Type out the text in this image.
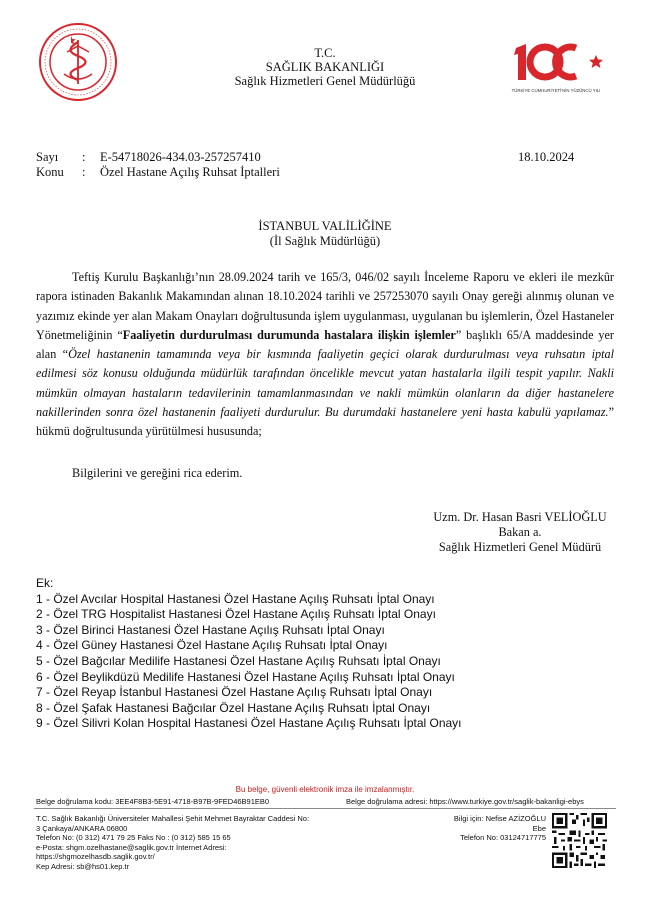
TÜRKİYE CUMHURİYETİ'NİN YÜZÜNCÜ YILI
T.C.
SAĞLIK BAKANLIĞI
Sağlık Hizmetleri Genel Müdürlüğü
Sayı	:	E-54718026-434.03-257257410
Konu	:	Özel Hastane Açılış Ruhsat İptalleri
18.10.2024
İSTANBUL VALİLİĞİNE
(İl Sağlık Müdürlüğü)

Teftiş Kurulu Başkanlığı’nın 28.09.2024 tarih ve 165/3, 046/02 sayılı İnceleme Raporu ve ekleri ile mezkûr rapora istinaden Bakanlık Makamından alınan 18.10.2024 tarihli ve 257253070 sayılı Onay gereği alınmış olunan ve yazımız ekinde yer alan Makam Onayları doğrultusunda işlem uygulanması, uygulanan bu işlemlerin, Özel Hastaneler Yönetmeliğinin “Faaliyetin durdurulması durumunda hastalara ilişkin işlemler” başlıklı 65/A maddesinde yer alan “Özel hastanenin tamamında veya bir kısmında faaliyetin geçici olarak durdurulması veya ruhsatın iptal edilmesi söz konusu olduğunda müdürlük tarafından öncelikle mevcut yatan hastalarla ilgili tespit yapılır. Nakli mümkün olmayan hastaların tedavilerinin tamamlanmasından ve nakli mümkün olanların da diğer hastanelere nakillerinden sonra özel hastanenin faaliyeti durdurulur. Bu durumdaki hastanelere yeni hasta kabulü yapılamaz.” hükmü doğrultusunda yürütülmesi hususunda;

Bilgilerini ve gereğini rica ederim.
Uzm. Dr. Hasan Basri VELİOĞLU
Bakan a.
Sağlık Hizmetleri Genel Müdürü
Ek:
1 - Özel Avcılar Hospital Hastanesi Özel Hastane Açılış Ruhsatı İptal Onayı
2 - Özel TRG Hospitalist Hastanesi Özel Hastane Açılış Ruhsatı İptal Onayı
3 - Özel Birinci Hastanesi Özel Hastane Açılış Ruhsatı İptal Onayı
4 - Özel Güney Hastanesi Özel Hastane Açılış Ruhsatı İptal Onayı
5 - Özel Bağcılar Medilife Hastanesi Özel Hastane Açılış Ruhsatı İptal Onayı
6 - Özel Beylikdüzü Medilife Hastanesi Özel Hastane Açılış Ruhsatı İptal Onayı
7 - Özel Reyap İstanbul Hastanesi Özel Hastane Açılış Ruhsatı İptal Onayı
8 - Özel Şafak Hastanesi Bağcılar Özel Hastane Açılış Ruhsatı İptal Onayı
9 - Özel Silivri Kolan Hospital Hastanesi Özel Hastane Açılış Ruhsatı İptal Onayı
Bu belge, güvenli elektronik imza ile imzalanmıştır.
Belge doğrulama kodu: 3EE4F8B3-5E91-4718-B97B-9FED46B91EB0	Belge doğrulama adresi: https://www.turkiye.gov.tr/saglik-bakanligi-ebys
T.C. Sağlık Bakanlığı Üniversiteler Mahallesi Şehit Mehmet Bayraktar Caddesi No:
3 Çankaya/ANKARA 06800
Telefon No: (0 312) 471 79 25 Faks No : (0 312) 585 15 65
e-Posta: shgm.ozelhastane@saglik.gov.tr İnternet Adresi:
https://shgmozelhasdb.saglik.gov.tr/
Kep Adresi: sb@hs01.kep.tr
Bilgi için: Nefise AZİZOĞLU
Ebe
Telefon No: 03124717775
